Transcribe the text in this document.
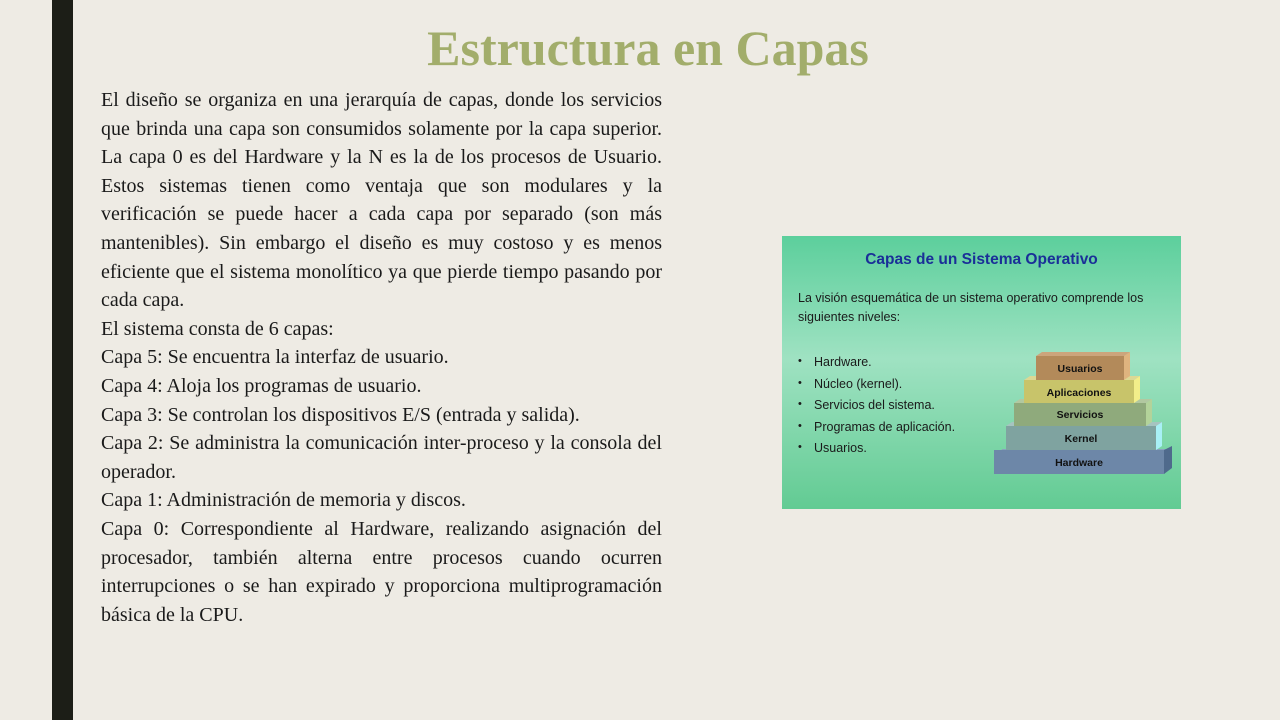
Estructura en Capas

El diseño se organiza en una jerarquía de capas, donde los servicios que brinda una capa son consumidos solamente por la capa superior. La capa 0 es del Hardware y la N es la de los procesos de Usuario. Estos sistemas tienen como ventaja que son modulares y la verificación se puede hacer a cada capa por separado (son más mantenibles). Sin embargo el diseño es muy costoso y es menos eficiente que el sistema monolítico ya que pierde tiempo pasando por cada capa.

El sistema consta de 6 capas:

Capa 5: Se encuentra la interfaz de usuario.

Capa 4: Aloja los programas de usuario.

Capa 3: Se controlan los dispositivos E/S (entrada y salida).

Capa 2: Se administra la comunicación inter-proceso y la consola del operador.

Capa 1: Administración de memoria y discos.

Capa 0: Correspondiente al Hardware, realizando asignación del procesador, también alterna entre procesos cuando ocurren interrupciones o se han expirado y proporciona multiprogramación básica de la CPU.

Capas de un Sistema Operativo
La visión esquemática de un sistema operativo comprende los siguientes niveles:
• Hardware.
• Núcleo (kernel).
• Servicios del sistema.
• Programas de aplicación.
• Usuarios.
Hardware
Kernel
Servicios
Aplicaciones
Usuarios
